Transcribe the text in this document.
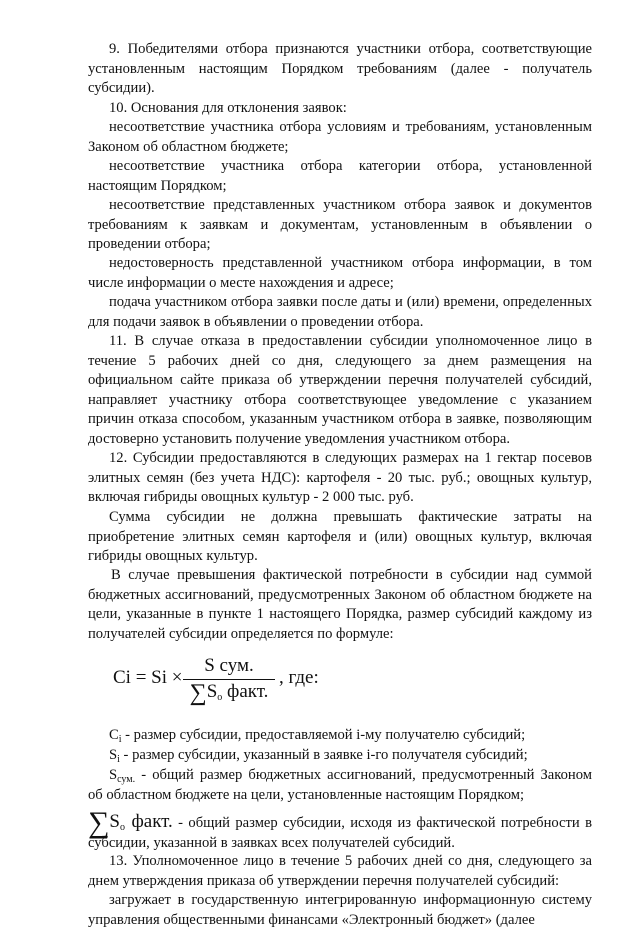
9. Победителями отбора признаются участники отбора, соответствующие установленным настоящим Порядком требованиям (далее - получатель субсидии).
10. Основания для отклонения заявок:
несоответствие участника отбора условиям и требованиям, установленным Законом об областном бюджете;
несоответствие участника отбора категории отбора, установленной настоящим Порядком;
несоответствие представленных участником отбора заявок и документов требованиям к заявкам и документам, установленным в объявлении о проведении отбора;
недостоверность представленной участником отбора информации, в том числе информации о месте нахождения и адресе;
подача участником отбора заявки после даты и (или) времени, определенных для подачи заявок в объявлении о проведении отбора.
11. В случае отказа в предоставлении субсидии уполномоченное лицо в течение 5 рабочих дней со дня, следующего за днем размещения на официальном сайте приказа об утверждении перечня получателей субсидий, направляет участнику отбора соответствующее уведомление с указанием причин отказа способом, указанным участником отбора в заявке, позволяющим достоверно установить получение уведомления участником отбора.
12. Субсидии предоставляются в следующих размерах на 1 гектар посевов элитных семян (без учета НДС): картофеля - 20 тыс. руб.; овощных культур, включая гибриды овощных культур - 2 000 тыс. руб.
Сумма субсидии не должна превышать фактические затраты на приобретение элитных семян картофеля и (или) овощных культур, включая гибриды овощных культур.
В случае превышения фактической потребности в субсидии над суммой бюджетных ассигнований, предусмотренных Законом об областном бюджете на цели, указанные в пункте 1 настоящего Порядка, размер субсидий каждому из получателей субсидии определяется по формуле:
Ci = Si ×
S сум.
$\sum S_o$ факт.
, где:
$C_i$ - размер субсидии, предоставляемой i-му получателю субсидий;
$S_i$ - размер субсидии, указанный в заявке i-го получателя субсидий;
$S_{сум.}$ - общий размер бюджетных ассигнований, предусмотренный Законом об областном бюджете на цели, установленные настоящим Порядком;
$\sum S_o$ факт. - общий размер субсидии, исходя из фактической потребности в субсидии, указанной в заявках всех получателей субсидий.
13. Уполномоченное лицо в течение 5 рабочих дней со дня, следующего за днем утверждения приказа об утверждении перечня получателей субсидий:
загружает в государственную интегрированную информационную систему управления общественными финансами «Электронный бюджет» (далее
